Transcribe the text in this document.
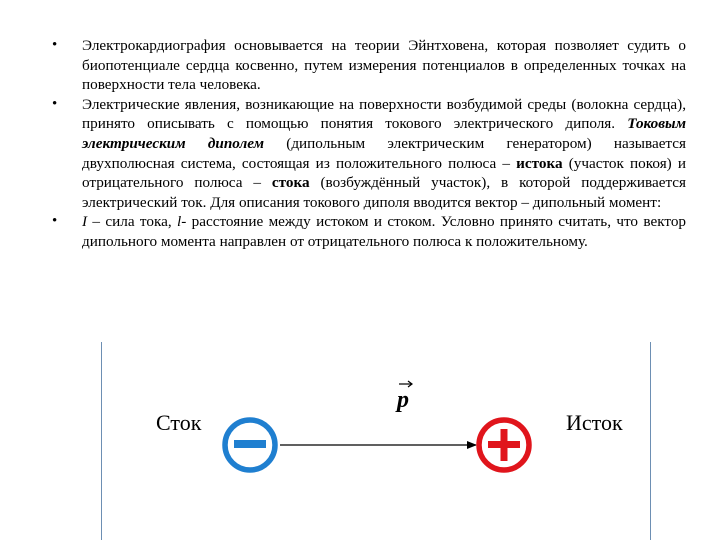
• Электрокардиография основывается на теории Эйнтховена, которая позволяет судить о биопотенциале сердца косвенно, путем измерения потенциалов в определенных точках на поверхности тела человека.
• Электрические явления, возникающие на поверхности возбудимой среды (волокна сердца), принято описывать с помощью понятия токового электрического диполя. Токовым электрическим диполем (дипольным электрическим генератором) называется двухполюсная система, состоящая из положительного полюса – истока (участок покоя) и отрицательного полюса – стока (возбуждённый участок), в которой поддерживается электрический ток. Для описания токового диполя вводится вектор – дипольный момент:
• I – сила тока, l- расстояние между истоком и стоком. Условно принято считать, что вектор дипольного момента направлен от отрицательного полюса к положительному.
Сток	Исток
p
